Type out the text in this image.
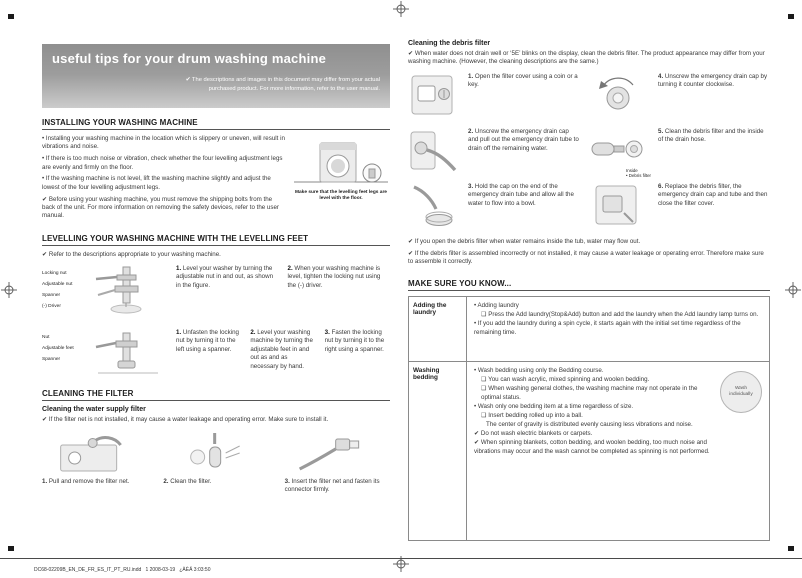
useful tips for your drum washing machine
✔ The descriptions and images in this document may differ from your actual
purchased product. For more information, refer to the user manual.
INSTALLING YOUR WASHING MACHINE

• Installing your washing machine in the location which is slippery or uneven, will result in vibrations and noise.

• If there is too much noise or vibration, check whether the four levelling adjustment legs are evenly and firmly on the floor.

• If the washing machine is not level, lift the washing machine slightly and adjust the lowest of the four levelling adjustment legs.

✔ Before using your washing machine, you must remove the shipping bolts from the back of the unit. For more information on removing the safety devices, refer to the user manual.

Make sure that the levelling feet legs are level with the floor.
LEVELLING YOUR WASHING MACHINE WITH THE LEVELLING FEET

✔ Refer to the descriptions appropriate to your washing machine.

Locking nut
Adjustable nut
Spanner
(-) Driver
1. Level your washer by turning the adjustable nut in and out, as shown in the figure.
2. When your washing machine is level, tighten the locking nut using the (-) driver.
Nut
Adjustable feet
Spanner
1. Unfasten the locking nut by turning it to the left using a spanner.
2. Level your washing machine by turning the adjustable feet in and out as and as necessary by hand.
3. Fasten the locking nut by turning it to the right using a spanner.
CLEANING THE FILTER
Cleaning the water supply filter

✔ If the filter net is not installed, it may cause a water leakage and operating error. Make sure to install it.

1. Pull and remove the filter net.	2. Clean the filter.	3. Insert the filter net and fasten its connector firmly.
Cleaning the debris filter

✔ When water does not drain well or ‘5E’ blinks on the display, clean the debris filter. The product appearance may differ from your washing machine. (However, the cleaning descriptions are the same.)

1. Open the filter cover using a coin or a key.
4. Unscrew the emergency drain cap by turning it counter clockwise.
2. Unscrew the emergency drain cap and pull out the emergency drain tube to drain off the remaining water.
Inside
• Debris filter
5. Clean the debris filter and the inside of the drain hose.
3. Hold the cap on the end of the emergency drain tube and allow all the water to flow into a bowl.
6. Replace the debris filter, the emergency drain cap and tube and then close the filter cover.

✔ If you open the debris filter when water remains inside the tub, water may flow out.

✔ If the debris filter is assembled incorrectly or not installed, it may cause a water leakage or operating error. Therefore make sure to assemble it correctly.

MAKE SURE YOU KNOW...
Adding the laundry

• Adding laundry

❑ Press the Add laundry(Stop&Add) button and add the laundry when the Add laundry lamp turns on.

• If you add the laundry during a spin cycle, it starts again with the initial set time regardless of the remaining time.

Washing bedding

• Wash bedding using only the Bedding course.

❑ You can wash acrylic, mixed spinning and woolen bedding.

❑ When washing general clothes, the washing machine may not operate in the optimal status.

• Wash only one bedding item at a time regardless of size.

❑ Insert bedding rolled up into a ball.

The center of gravity is distributed evenly causing less vibrations and noise.

✔ Do not wash electric blankets or carpets.

✔ When spinning blankets, cotton bedding, and woolen bedding, too much noise and vibrations may occur and the wash cannot be completed as spinning is not performed.

Wash individually
DC68-02209B_EN_DE_FR_ES_IT_PT_RU.indd   1 2008-03-19   ¿ÀÈÄ 3:03:50
